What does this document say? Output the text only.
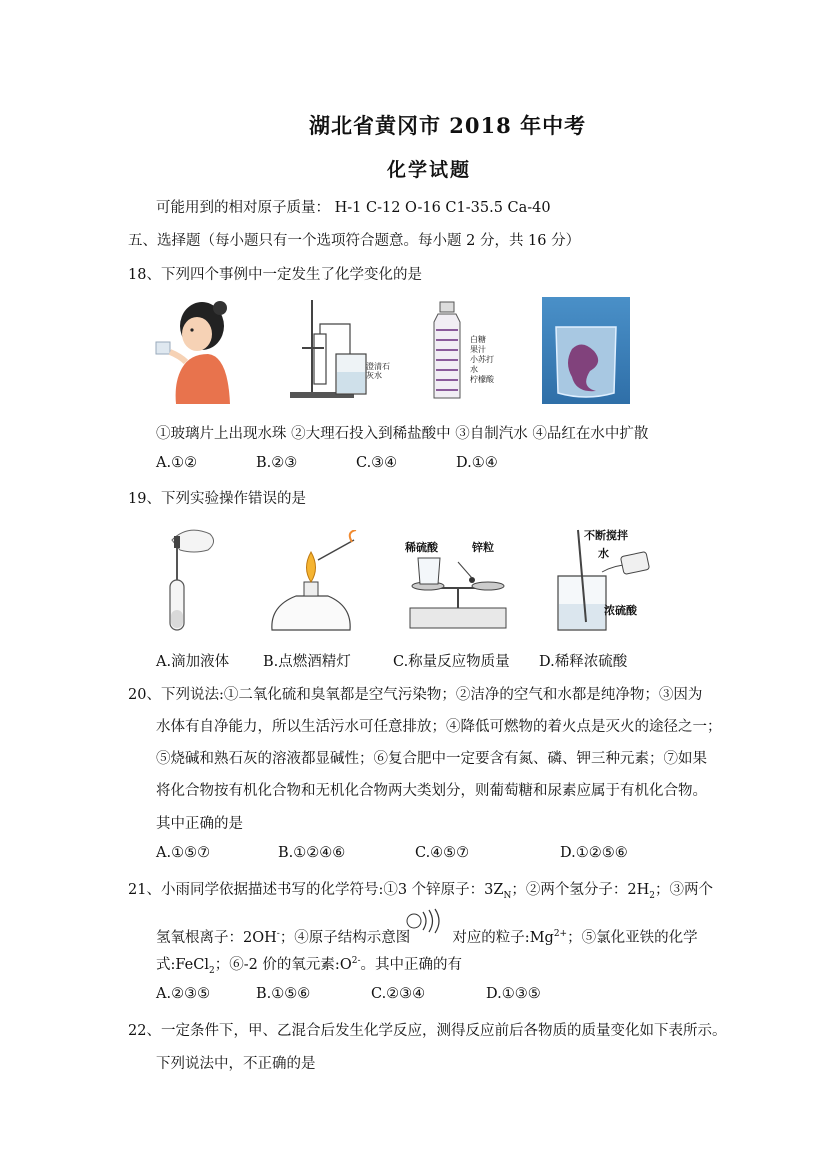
湖北省黄冈市 2018 年中考
化学试题
可能用到的相对原子质量： H-1 C-12 O-16 C1-35.5 Ca-40
五、选择题（每小题只有一个选项符合题意。每小题 2 分，共 16 分）
18、下列四个事例中一定发生了化学变化的是
澄清石灰水
白糖
果汁
小苏打
水
柠檬酸
①玻璃片上出现水珠 ②大理石投入到稀盐酸中 ③自制汽水 ④品红在水中扩散
A.①②	B.②③	C.③④	D.①④
19、下列实验操作错误的是
稀硫酸	锌粒
不断搅拌
水
浓硫酸
A.滴加液体 B.点燃酒精灯	C.称量反应物质量 D.稀释浓硫酸
20、下列说法:①二氧化硫和臭氧都是空气污染物；②洁净的空气和水都是纯净物；③因为
水体有自净能力，所以生活污水可任意排放；④降低可燃物的着火点是灭火的途径之一；
⑤烧碱和熟石灰的溶液都显碱性；⑥复合肥中一定要含有氮、磷、钾三种元素；⑦如果
将化合物按有机化合物和无机化合物两大类划分，则葡萄糖和尿素应属于有机化合物。
其中正确的是
A.①⑤⑦	B.①②④⑥	C.④⑤⑦	D.①②⑤⑥
21、小雨同学依据描述书写的化学符号:①3 个锌原子：$3Z_N$；②两个氢分子：$2H_2$；③两个
氢氧根离子：2OH-；④原子结构示意图	对应的粒子$:Mg^{2+}$；⑤氯化亚铁的化学
式:FeCl$_2$；⑥-2 价的氧元素$:O^{2-}$。其中正确的有
A.②③⑤	B.①⑤⑥	C.②③④	D.①③⑤
22、一定条件下，甲、乙混合后发生化学反应，测得反应前后各物质的质量变化如下表所示。
下列说法中，不正确的是
